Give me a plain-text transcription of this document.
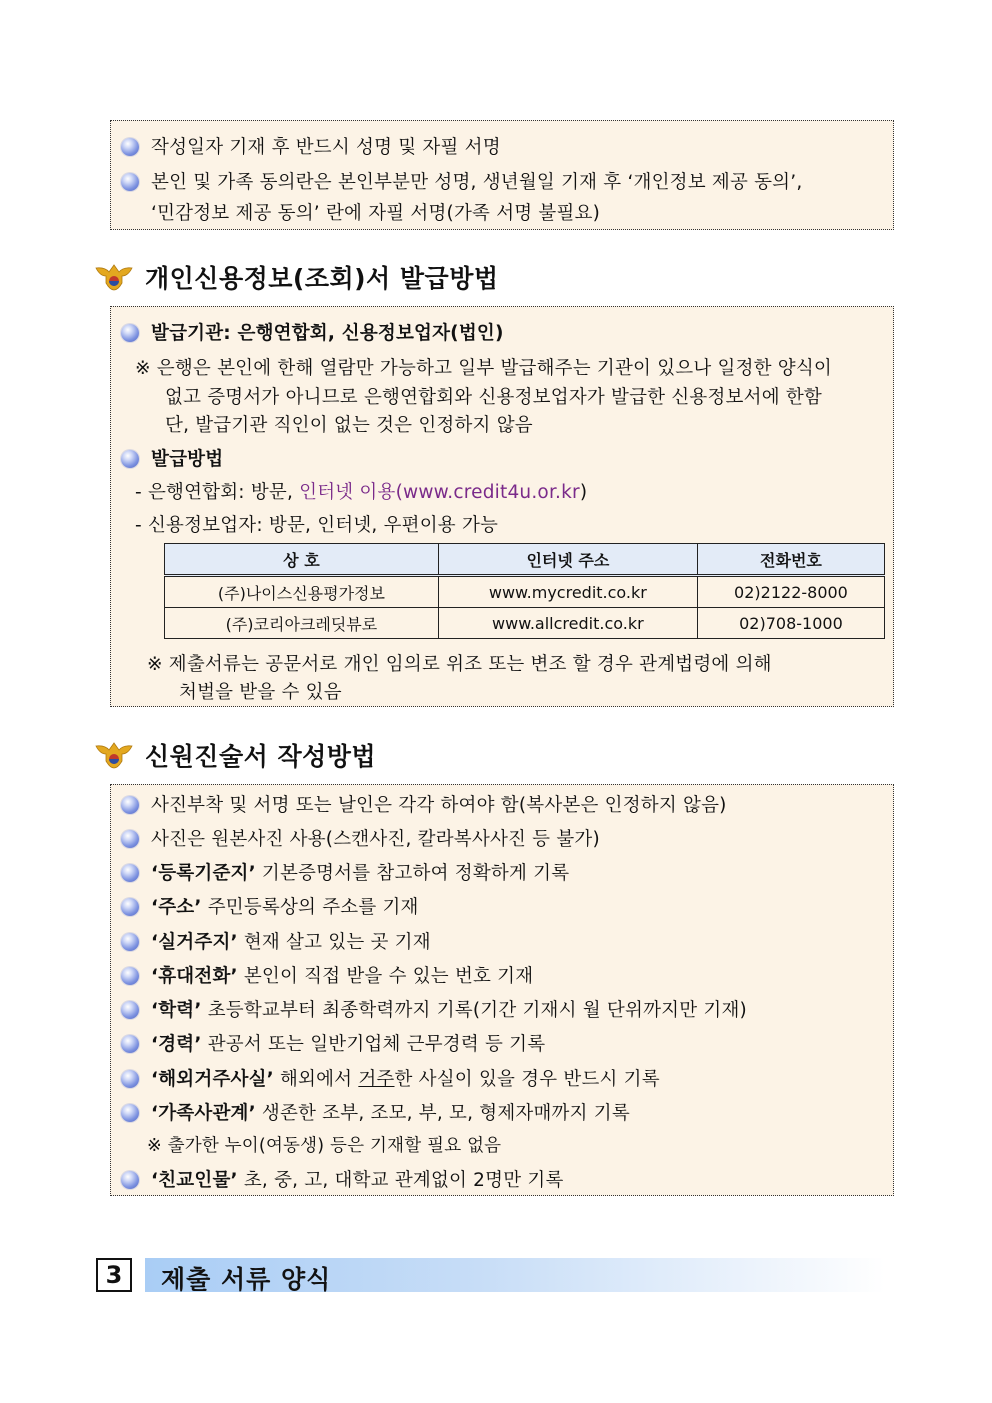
작성일자 기재 후 반드시 성명 및 자필 서명
본인 및 가족 동의란은 본인부분만 성명, 생년월일 기재 후 ‘개인정보 제공 동의’,
‘민감정보 제공 동의’ 란에 자필 서명(가족 서명 불필요)
개인신용정보(조회)서 발급방법
발급기관: 은행연합회, 신용정보업자(법인)
※ 은행은 본인에 한해 열람만 가능하고 일부 발급해주는 기관이 있으나 일정한 양식이
없고 증명서가 아니므로 은행연합회와 신용정보업자가 발급한 신용정보서에 한함
단, 발급기관 직인이 없는 것은 인정하지 않음
발급방법
- 은행연합회: 방문, 인터넷 이용(www.credit4u.or.kr)
- 신용정보업자: 방문, 인터넷, 우편이용 가능
상 호	인터넷 주소	전화번호
(주)나이스신용평가정보	www.mycredit.co.kr	02)2122-8000
(주)코리아크레딧뷰로	www.allcredit.co.kr	02)708-1000
※ 제출서류는 공문서로 개인 임의로 위조 또는 변조 할 경우 관계법령에 의해
처벌을 받을 수 있음
신원진술서 작성방법
사진부착 및 서명 또는 날인은 각각 하여야 함(복사본은 인정하지 않음)
사진은 원본사진 사용(스캔사진, 칼라복사사진 등 불가)
‘등록기준지’ 기본증명서를 참고하여 정확하게 기록
‘주소’ 주민등록상의 주소를 기재
‘실거주지’ 현재 살고 있는 곳 기재
‘휴대전화’ 본인이 직접 받을 수 있는 번호 기재
‘학력’ 초등학교부터 최종학력까지 기록(기간 기재시 월 단위까지만 기재)
‘경력’ 관공서 또는 일반기업체 근무경력 등 기록
‘해외거주사실’ 해외에서 거주한 사실이 있을 경우 반드시 기록
‘가족사관계’ 생존한 조부, 조모, 부, 모, 형제자매까지 기록
※ 출가한 누이(여동생) 등은 기재할 필요 없음
‘친교인물’ 초, 중, 고, 대학교 관계없이 2명만 기록
3	제출 서류 양식
